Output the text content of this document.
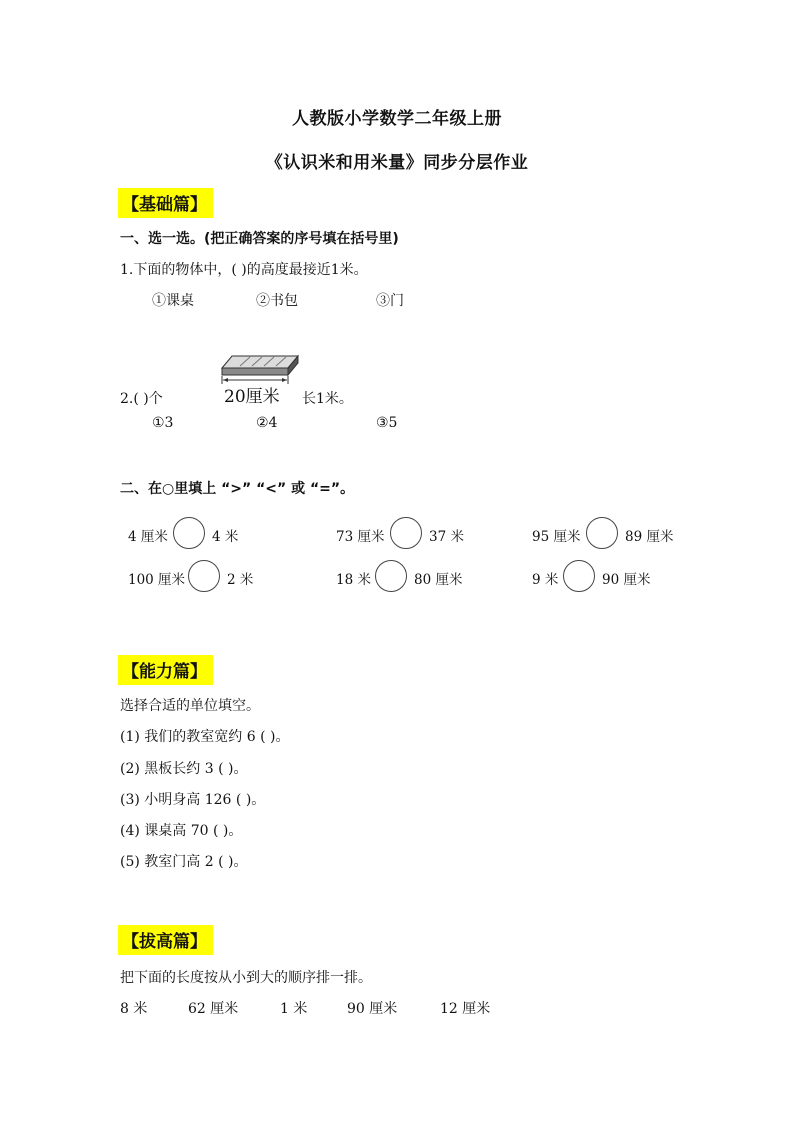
人教版小学数学二年级上册
《认识米和用米量》同步分层作业
【基础篇】
一、选一选。(把正确答案的序号填在括号里)
1.下面的物体中，( )的高度最接近1米。
①课桌	②书包	③门
2.( )个	20厘米 长1米。
①3	②4	③5
二、在○里填上 “>” “<” 或 “=”。
4 厘米	4 米	73 厘米	37 米	95 厘米	89 厘米
100 厘米	2 米	18 米	80 厘米	9 米	90 厘米
【能力篇】
选择合适的单位填空。
(1) 我们的教室宽约 6 ( )。
(2) 黑板长约 3 ( )。
(3) 小明身高 126 ( )。
(4) 课桌高 70 ( )。
(5) 教室门高 2 ( )。
【拔高篇】
把下面的长度按从小到大的顺序排一排。
8 米	62 厘米	1 米	90 厘米	12 厘米
